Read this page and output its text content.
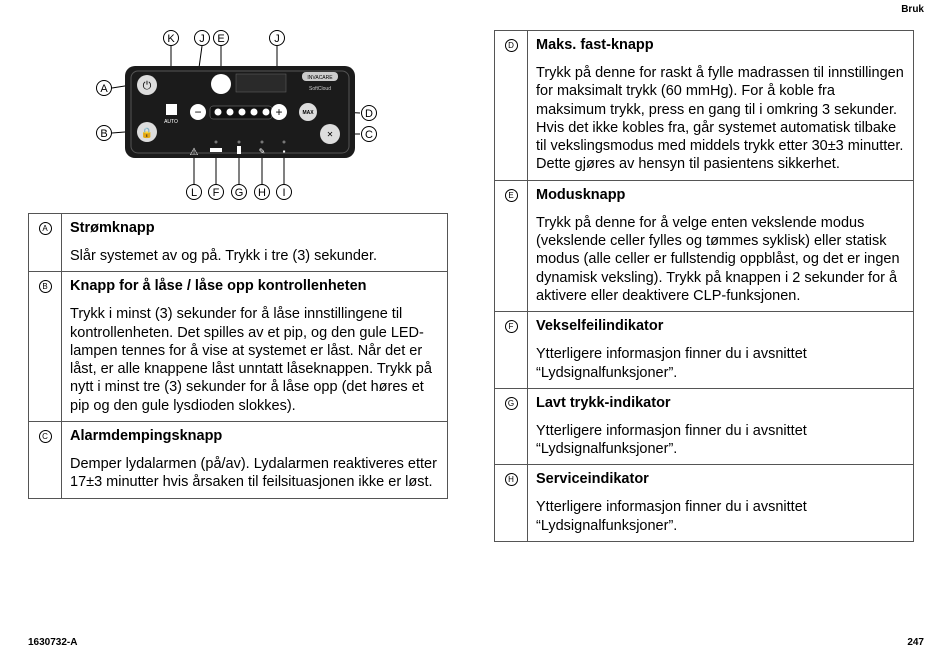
Bruk
⏻
🔒
AUTO
INVACARE
SoftCloud
−	+	MAX
✕
⚠	✎ ▪
K J E	J
A
B
D
C
L F G H I
A	Strømknapp
Slår systemet av og på. Trykk i tre (3) sekunder.

B	Knapp for å låse / låse opp kontrollenheten
Trykk i minst (3) sekunder for å låse innstillingene til kontrollenheten. Det spilles av et pip, og den gule LED-lampen tennes for å vise at systemet er låst. Når det er låst, er alle knappene låst unntatt låseknappen. Trykk på nytt i minst tre (3) sekunder for å låse opp (det høres et pip og den gule lysdioden slokkes).

C	Alarmdempingsknapp
Demper lydalarmen (på/av). Lydalarmen reaktiveres etter 17±3 minutter hvis årsaken til feilsituasjonen ikke er løst.
D	Maks. fast-knapp
Trykk på denne for raskt å fylle madrassen til innstillingen for maksimalt trykk (60 mmHg). For å koble fra maksimum trykk, press en gang til i omkring 3 sekunder. Hvis det ikke kobles fra, går systemet automatisk tilbake til vekslingsmodus med middels trykk etter 30±3 minutter. Dette gjøres av hensyn til pasientens sikkerhet.

E	Modusknapp
Trykk på denne for å velge enten vekslende modus (vekslende celler fylles og tømmes syklisk) eller statisk modus (alle celler er fullstendig oppblåst, og det er ingen dynamisk veksling). Trykk på knappen i 2 sekunder for å aktivere eller deaktivere CLP-funksjonen.

F	Vekselfeilindikator
Ytterligere informasjon finner du i avsnittet “Lydsignalfunksjoner”.

G	Lavt trykk-indikator
Ytterligere informasjon finner du i avsnittet “Lydsignalfunksjoner”.

H	Serviceindikator
Ytterligere informasjon finner du i avsnittet “Lydsignalfunksjoner”.
1630732-A	247
